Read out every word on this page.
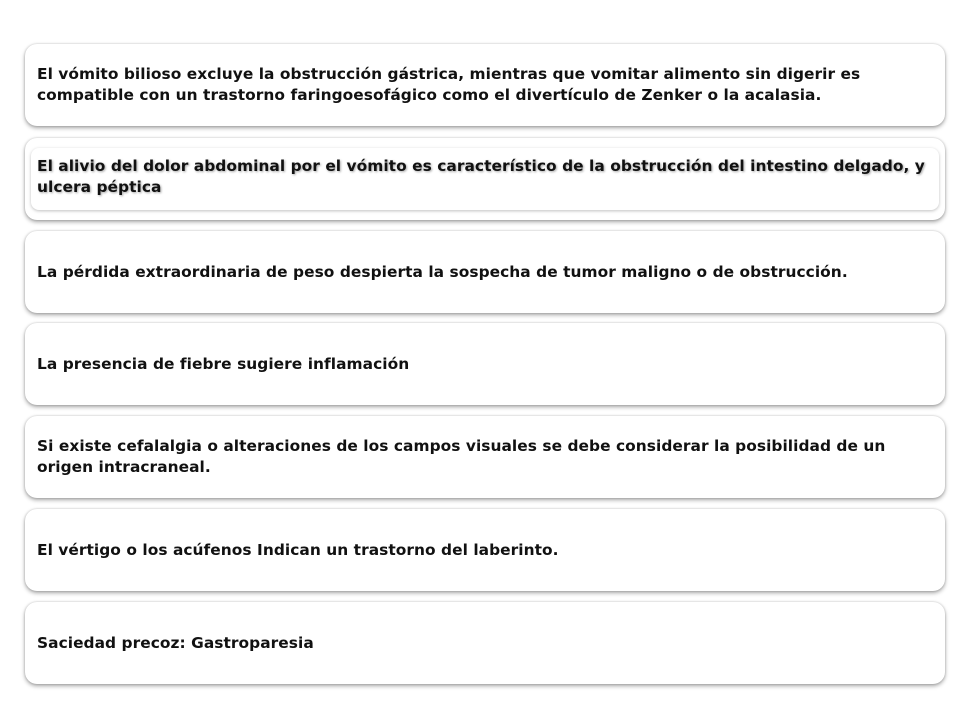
El vómito bilioso excluye la obstrucción gástrica, mientras que vomitar alimento sin digerir es compatible con un trastorno faringoesofágico como el divertículo de Zenker o la acalasia.
El alivio del dolor abdominal por el vómito es característico de la obstrucción del intestino delgado, y ulcera péptica
La pérdida extraordinaria de peso despierta la sospecha de tumor maligno o de obstrucción.
La presencia de fiebre sugiere inflamación
Si existe cefalalgia o alteraciones de los campos visuales se debe considerar la posibilidad de un origen intracraneal.
El vértigo o los acúfenos Indican un trastorno del laberinto.
Saciedad precoz: Gastroparesia
